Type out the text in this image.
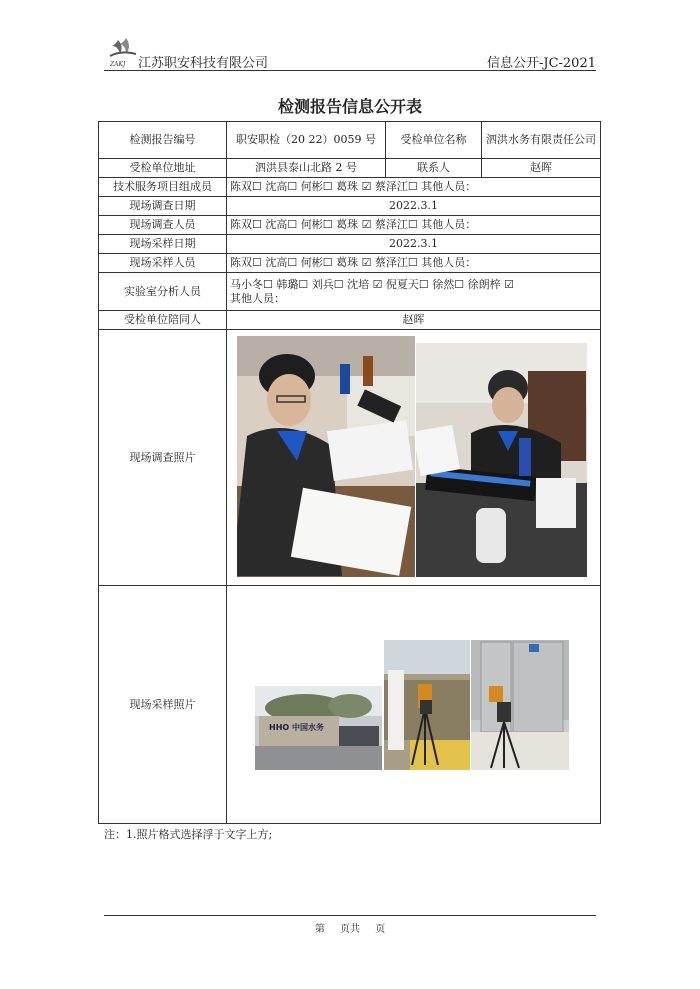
ZAKJ 江苏职安科技有限公司	信息公开-JC-2021
检测报告信息公开表
检测报告编号	职安职检（20 22）0059 号	受检单位名称	泗洪水务有限责任公司
受检单位地址	泗洪县泰山北路 2 号	联系人	赵晖
技术服务项目组成员	陈双☐ 沈高☐ 何彬☐ 葛珠 ☑ 蔡泽江☐ 其他人员：		
现场调查日期	2022.3.1		
现场调查人员	陈双☐ 沈高☐ 何彬☐ 葛珠 ☑ 蔡泽江☐ 其他人员：		
现场采样日期	2022.3.1		
现场采样人员	陈双☐ 沈高☐ 何彬☐ 葛珠 ☑ 蔡泽江☐ 其他人员：		
实验室分析人员	马小冬☐ 韩璐☐ 刘兵☐ 沈培 ☑ 倪夏天☐ 徐然☐ 徐朗梓 ☑
其他人员：		

受检单位陪同人	赵晖		
现场调查照片			
现场采样照片			
HHO 中国水务
注：1.照片格式选择浮于文字上方;
第 页共 页
